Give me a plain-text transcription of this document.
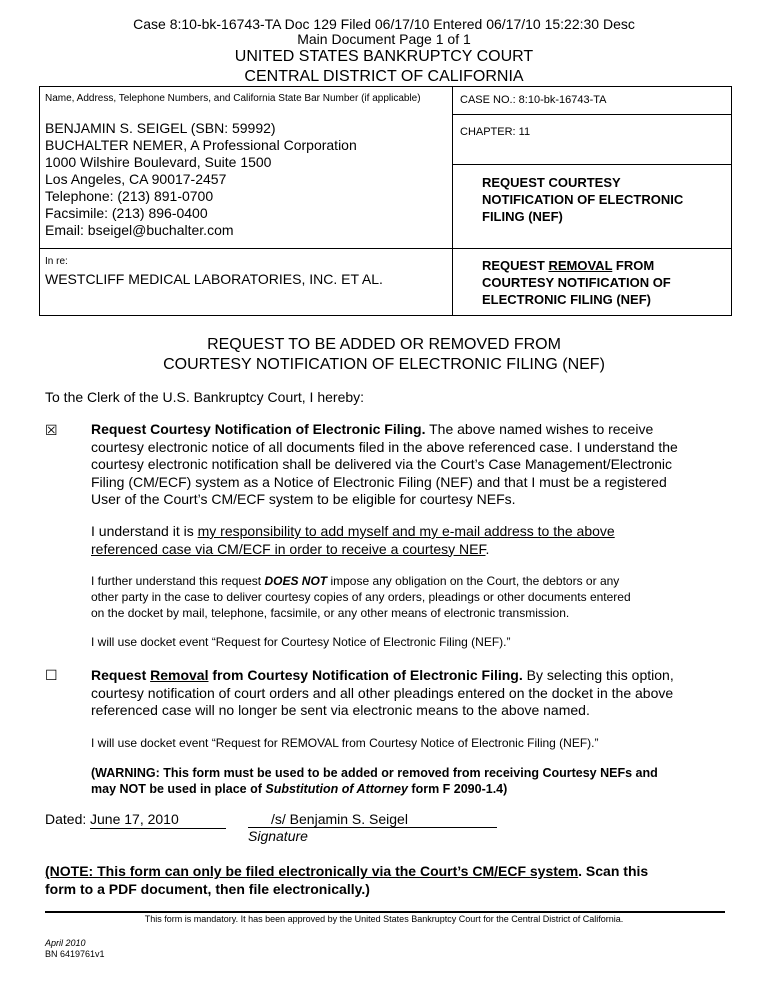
Case 8:10-bk-16743-TA Doc 129 Filed 06/17/10 Entered 06/17/10 15:22:30 Desc
Main Document Page 1 of 1
UNITED STATES BANKRUPTCY COURT
CENTRAL DISTRICT OF CALIFORNIA
Name, Address, Telephone Numbers, and California State Bar Number (if applicable)
BENJAMIN S. SEIGEL (SBN: 59992)
BUCHALTER NEMER, A Professional Corporation
1000 Wilshire Boulevard, Suite 1500
Los Angeles, CA 90017-2457
Telephone: (213) 891-0700
Facsimile: (213) 896-0400
Email: bseigel@buchalter.com
CASE NO.: 8:10-bk-16743-TA
CHAPTER: 11
REQUEST COURTESY
NOTIFICATION OF ELECTRONIC
FILING (NEF)
In re:
WESTCLIFF MEDICAL LABORATORIES, INC. ET AL.
REQUEST REMOVAL FROM
COURTESY NOTIFICATION OF
ELECTRONIC FILING (NEF)
REQUEST TO BE ADDED OR REMOVED FROM
COURTESY NOTIFICATION OF ELECTRONIC FILING (NEF)
To the Clerk of the U.S. Bankruptcy Court, I hereby:
☒ Request Courtesy Notification of Electronic Filing. The above named wishes to receive
courtesy electronic notice of all documents filed in the above referenced case. I understand the
courtesy electronic notification shall be delivered via the Court’s Case Management/Electronic
Filing (CM/ECF) system as a Notice of Electronic Filing (NEF) and that I must be a registered
User of the Court’s CM/ECF system to be eligible for courtesy NEFs.
I understand it is my responsibility to add myself and my e-mail address to the above
referenced case via CM/ECF in order to receive a courtesy NEF.
I further understand this request DOES NOT impose any obligation on the Court, the debtors or any
other party in the case to deliver courtesy copies of any orders, pleadings or other documents entered
on the docket by mail, telephone, facsimile, or any other means of electronic transmission.
I will use docket event “Request for Courtesy Notice of Electronic Filing (NEF).”
☐ Request Removal from Courtesy Notification of Electronic Filing. By selecting this option,
courtesy notification of court orders and all other pleadings entered on the docket in the above
referenced case will no longer be sent via electronic means to the above named.
I will use docket event “Request for REMOVAL from Courtesy Notice of Electronic Filing (NEF).”
(WARNING: This form must be used to be added or removed from receiving Courtesy NEFs and
may NOT be used in place of Substitution of Attorney form F 2090-1.4)
Dated: June 17, 2010	/s/ Benjamin S. Seigel
Signature
(NOTE: This form can only be filed electronically via the Court’s CM/ECF system. Scan this
form to a PDF document, then file electronically.)
This form is mandatory. It has been approved by the United States Bankruptcy Court for the Central District of California.
April 2010
BN 6419761v1
